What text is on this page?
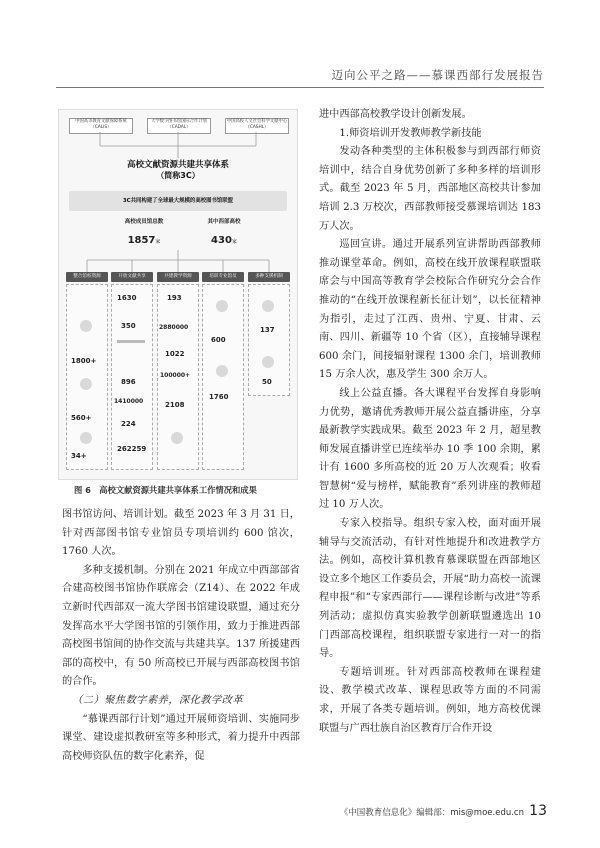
迈向公平之路——慕课西部行发展报告
中国高等教育文献保障系统（CALIS）
大学数字图书馆国际合作计划（CADAL）
中国高校人文社会科学文献中心（CASHL）
高校文献资源共建共享体系
（简称3C）
3C共同构建了全球最大规模的高校图书馆联盟
高校成员馆总数
1857家
其中西部高校
430家
整合馆校资源	开放文献共享	共建教学资源	培训专业馆员	多种支援机制
1800+
560+
34+
1630
350
896
1410000
224
262259
193
2880000
1022
100000+
2108
600
1760
137
50
图 6　高校文献资源共建共享体系工作情况和成果

图书馆访问、培训计划。截至 2023 年 3 月 31 日，针对西部图书馆专业馆员专项培训约 600 馆次，1760 人次。

多种支援机制。分别在 2021 年成立中西部部省合建高校图书馆协作联席会（Z14）、在 2022 年成立新时代西部双一流大学图书馆建设联盟，通过充分发挥高水平大学图书馆的引领作用，致力于推进西部高校图书馆间的协作交流与共建共享。137 所援建西部的高校中，有 50 所高校已开展与西部高校图书馆的合作。

（二）聚焦数字素养，深化教学改革

“慕课西部行计划”通过开展师资培训、实施同步课堂、建设虚拟教研室等多种形式，着力提升中西部高校师资队伍的数字化素养，促

进中西部高校教学设计创新发展。

1.师资培训开发教师教学新技能

发动各种类型的主体积极参与到西部行师资培训中，结合自身优势创新了多种多样的培训形式。截至 2023 年 5 月，西部地区高校共计参加培训 2.3 万校次，西部教师接受慕课培训达 183 万人次。

巡回宣讲。通过开展系列宣讲帮助西部教师推动课堂革命。例如，高校在线开放课程联盟联席会与中国高等教育学会校际合作研究分会合作推动的“在线开放课程新长征计划”，以长征精神为指引，走过了江西、贵州、宁夏、甘肃、云南、四川、新疆等 10 个省（区），直接辅导课程 600 余门，间接辐射课程 1300 余门，培训教师 15 万余人次，惠及学生 300 余万人。

线上公益直播。各大课程平台发挥自身影响力优势，邀请优秀教师开展公益直播讲座，分享最新教学实践成果。截至 2023 年 2 月，超星教师发展直播讲堂已连续举办 10 季 100 余期，累计有 1600 多所高校的近 20 万人次观看；收看智慧树“爱与榜样，赋能教育”系列讲座的教师超过 10 万人次。

专家入校指导。组织专家入校，面对面开展辅导与交流活动，有针对性地提升和改进教学方法。例如，高校计算机教育慕课联盟在西部地区设立多个地区工作委员会，开展“助力高校一流课程申报”和“专家西部行——课程诊断与改进”等系列活动；虚拟仿真实验教学创新联盟遴选出 10 门西部高校课程，组织联盟专家进行一对一的指导。

专题培训班。针对西部高校教师在课程建设、教学模式改革、课程思政等方面的不同需求，开展了各类专题培训。例如，地方高校优课联盟与广西壮族自治区教育厅合作开设

《中国教育信息化》编辑部：mis@moe.edu.cn 13
